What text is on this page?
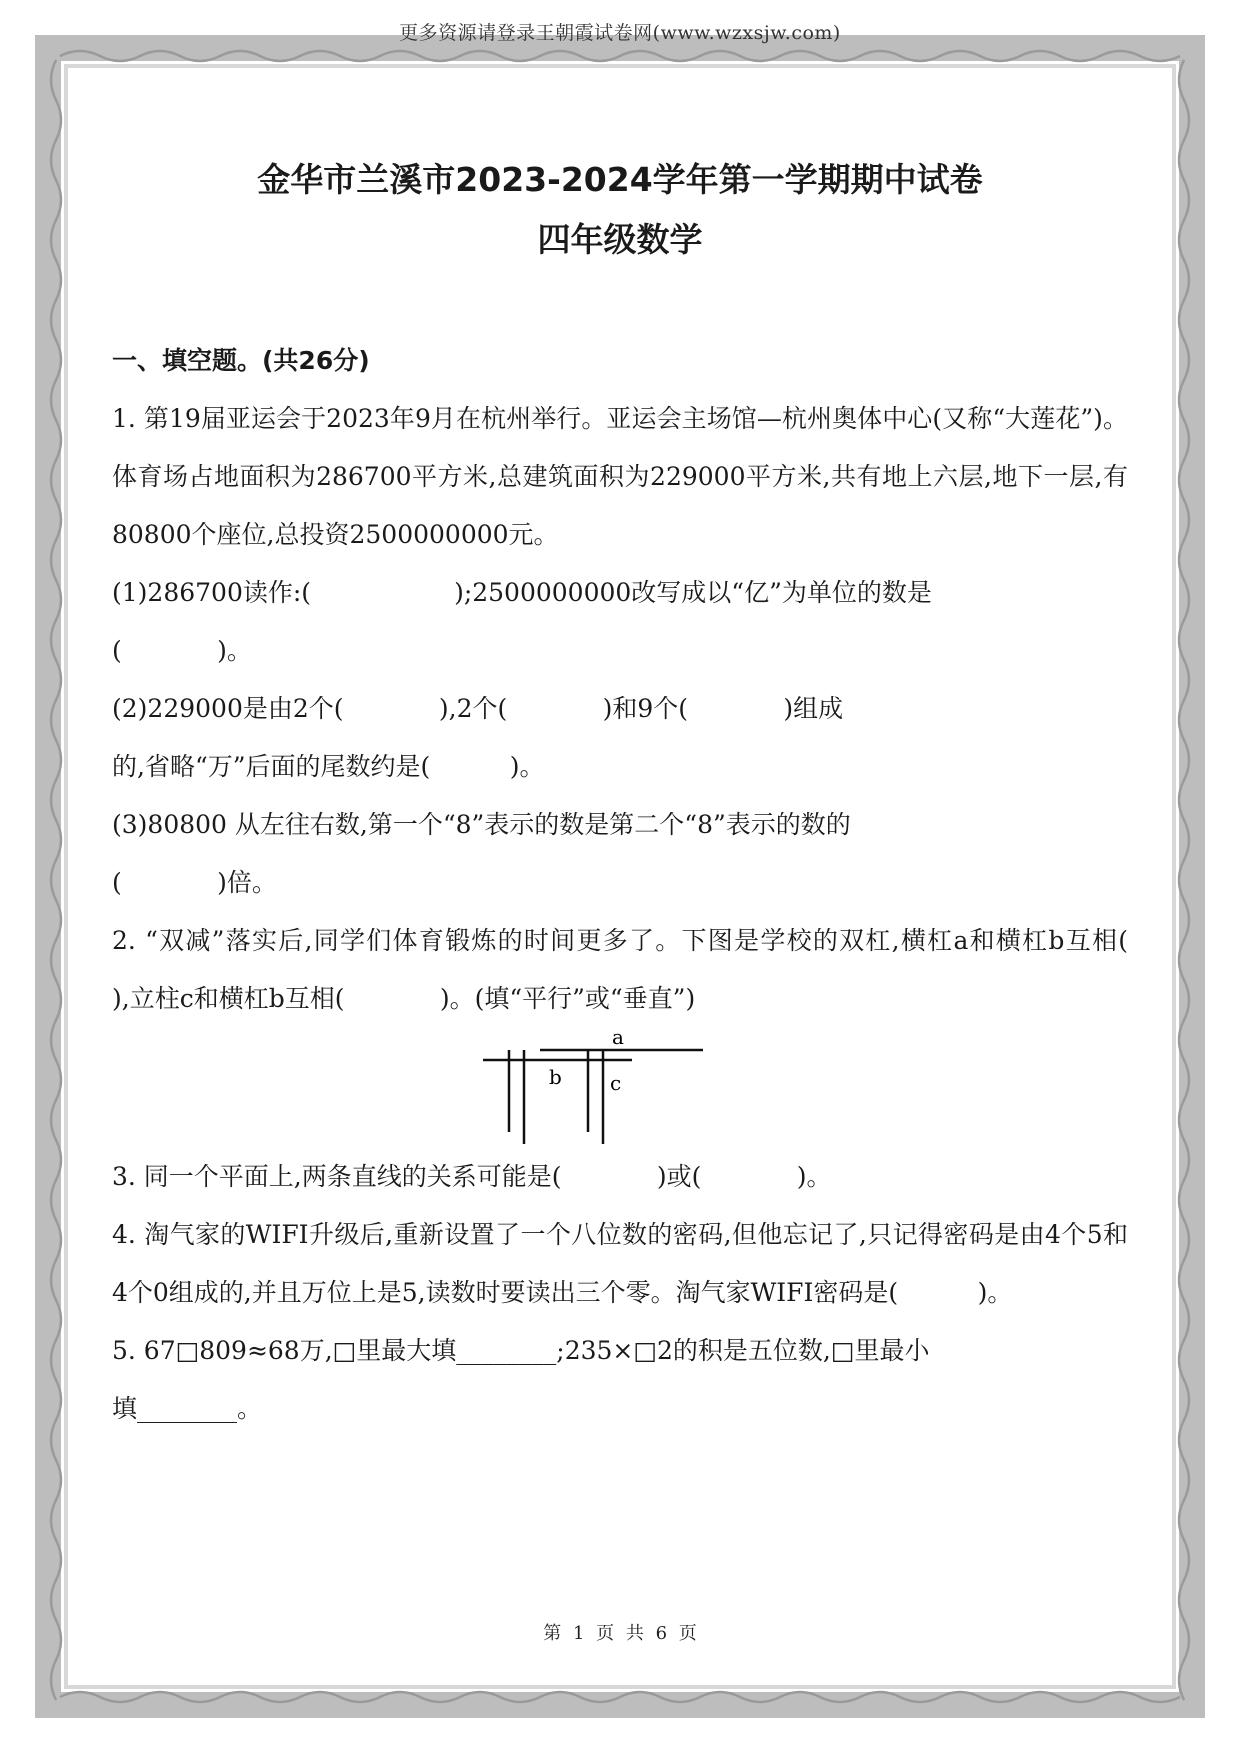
更多资源请登录王朝霞试卷网(www.wzxsjw.com)
金华市兰溪市2023-2024学年第一学期期中试卷
四年级数学
一、填空题。(共26分)

1. 第19届亚运会于2023年9月在杭州举行。亚运会主场馆—杭州奥体中心(又称“大莲花”)。体育场占地面积为286700平方米,总建筑面积为229000平方米,共有地上六层,地下一层,有80800个座位,总投资2500000000元。

(1)286700读作:(                  );2500000000改写成以“亿”为单位的数是

(            )。

(2)229000是由2个(            ),2个(            )和9个(            )组成

的,省略“万”后面的尾数约是(          )。

(3)80800 从左往右数,第一个“8”表示的数是第二个“8”表示的数的

(            )倍。

2. “双减”落实后,同学们体育锻炼的时间更多了。下图是学校的双杠,横杠a和横杠b互相(            ),立柱c和横杠b互相(            )。(填“平行”或“垂直”)

a
b c

3. 同一个平面上,两条直线的关系可能是(            )或(            )。

4. 淘气家的WIFI升级后,重新设置了一个八位数的密码,但他忘记了,只记得密码是由4个5和4个0组成的,并且万位上是5,读数时要读出三个零。淘气家WIFI密码是(          )。

5. 67□809≈68万,□里最大填________;235×□2的积是五位数,□里最小

填________。

第 1 页 共 6 页
